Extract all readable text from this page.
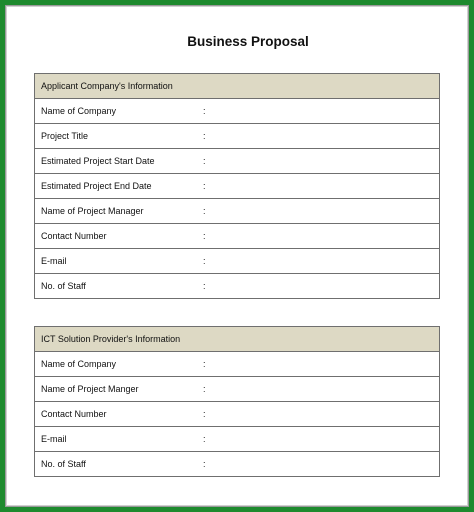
Business Proposal
Applicant Company's Information
Name of Company	:
Project Title	:
Estimated Project Start Date	:
Estimated Project End Date	:
Name of Project Manager	:
Contact Number	:
E-mail	:
No. of Staff	:
ICT Solution Provider's Information
Name of Company	:
Name of Project Manger	:
Contact Number	:
E-mail	:
No. of Staff	:
